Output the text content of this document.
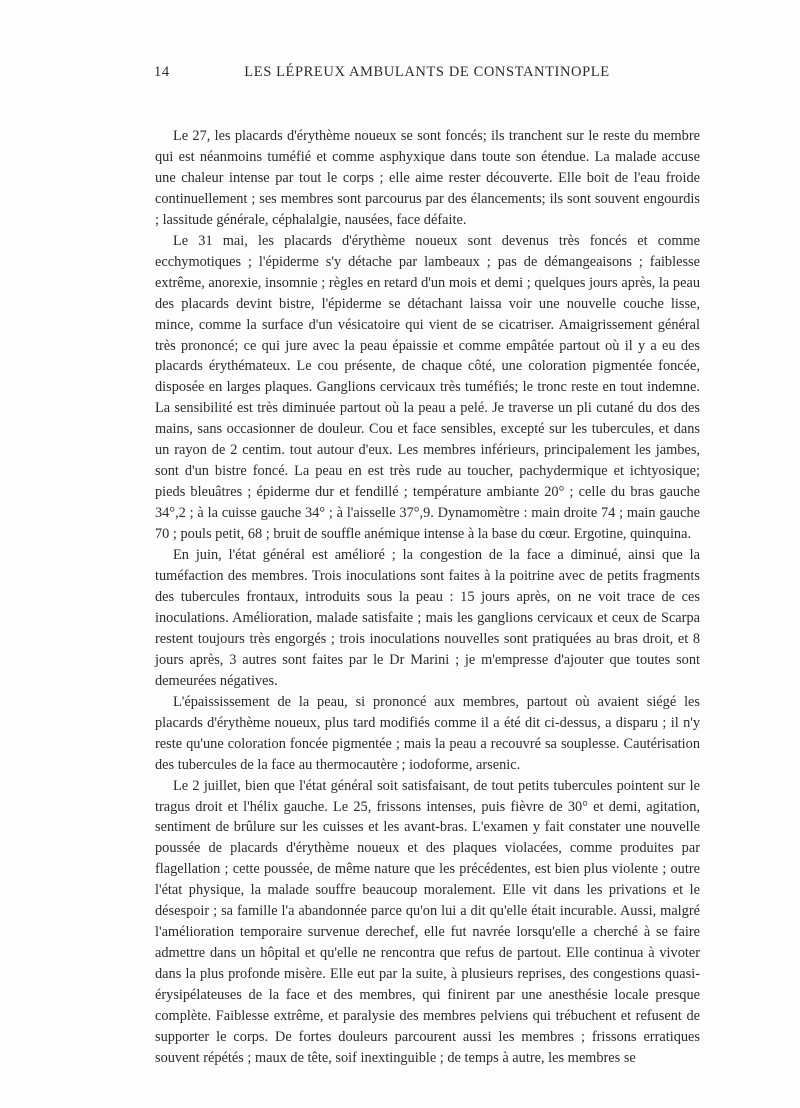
14	LES LÉPREUX AMBULANTS DE CONSTANTINOPLE

Le 27, les placards d'érythème noueux se sont foncés; ils tranchent sur le reste du membre qui est néanmoins tuméfié et comme asphyxique dans toute son étendue. La malade accuse une chaleur intense par tout le corps ; elle aime rester découverte. Elle boit de l'eau froide continuellement ; ses membres sont parcourus par des élancements; ils sont souvent engourdis ; lassitude générale, céphalalgie, nausées, face défaite.

Le 31 mai, les placards d'érythème noueux sont devenus très foncés et comme ecchymotiques ; l'épiderme s'y détache par lambeaux ; pas de démangeaisons ; faiblesse extrême, anorexie, insomnie ; règles en retard d'un mois et demi ; quelques jours après, la peau des placards devint bistre, l'épiderme se détachant laissa voir une nouvelle couche lisse, mince, comme la surface d'un vésicatoire qui vient de se cicatriser. Amaigrissement général très prononcé; ce qui jure avec la peau épaissie et comme empâtée partout où il y a eu des placards érythémateux. Le cou présente, de chaque côté, une coloration pigmentée foncée, disposée en larges plaques. Ganglions cervicaux très tuméfiés; le tronc reste en tout indemne. La sensibilité est très diminuée partout où la peau a pelé. Je traverse un pli cutané du dos des mains, sans occasionner de douleur. Cou et face sensibles, excepté sur les tubercules, et dans un rayon de 2 centim. tout autour d'eux. Les membres inférieurs, principalement les jambes, sont d'un bistre foncé. La peau en est très rude au toucher, pachydermique et ichtyosique; pieds bleuâtres ; épiderme dur et fendillé ; température ambiante 20° ; celle du bras gauche 34°,2 ; à la cuisse gauche 34° ; à l'aisselle 37°,9. Dynamomètre : main droite 74 ; main gauche 70 ; pouls petit, 68 ; bruit de souffle anémique intense à la base du cœur. Ergotine, quinquina.

En juin, l'état général est amélioré ; la congestion de la face a diminué, ainsi que la tuméfaction des membres. Trois inoculations sont faites à la poitrine avec de petits fragments des tubercules frontaux, introduits sous la peau : 15 jours après, on ne voit trace de ces inoculations. Amélioration, malade satisfaite ; mais les ganglions cervicaux et ceux de Scarpa restent toujours très engorgés ; trois inoculations nouvelles sont pratiquées au bras droit, et 8 jours après, 3 autres sont faites par le Dr Marini ; je m'empresse d'ajouter que toutes sont demeurées négatives.

L'épaississement de la peau, si prononcé aux membres, partout où avaient siégé les placards d'érythème noueux, plus tard modifiés comme il a été dit ci-dessus, a disparu ; il n'y reste qu'une coloration foncée pigmentée ; mais la peau a recouvré sa souplesse. Cautérisation des tubercules de la face au thermocautère ; iodoforme, arsenic.

Le 2 juillet, bien que l'état général soit satisfaisant, de tout petits tubercules pointent sur le tragus droit et l'hélix gauche. Le 25, frissons intenses, puis fièvre de 30° et demi, agitation, sentiment de brûlure sur les cuisses et les avant-bras. L'examen y fait constater une nouvelle poussée de placards d'érythème noueux et des plaques violacées, comme produites par flagellation ; cette poussée, de même nature que les précédentes, est bien plus violente ; outre l'état physique, la malade souffre beaucoup moralement. Elle vit dans les privations et le désespoir ; sa famille l'a abandonnée parce qu'on lui a dit qu'elle était incurable. Aussi, malgré l'amélioration temporaire survenue derechef, elle fut navrée lorsqu'elle a cherché à se faire admettre dans un hôpital et qu'elle ne rencontra que refus de partout. Elle continua à vivoter dans la plus profonde misère. Elle eut par la suite, à plusieurs reprises, des congestions quasi-érysipélateuses de la face et des membres, qui finirent par une anesthésie locale presque complète. Faiblesse extrême, et paralysie des membres pelviens qui trébuchent et refusent de supporter le corps. De fortes douleurs parcourent aussi les membres ; frissons erratiques souvent répétés ; maux de tête, soif inextinguible ; de temps à autre, les membres se
